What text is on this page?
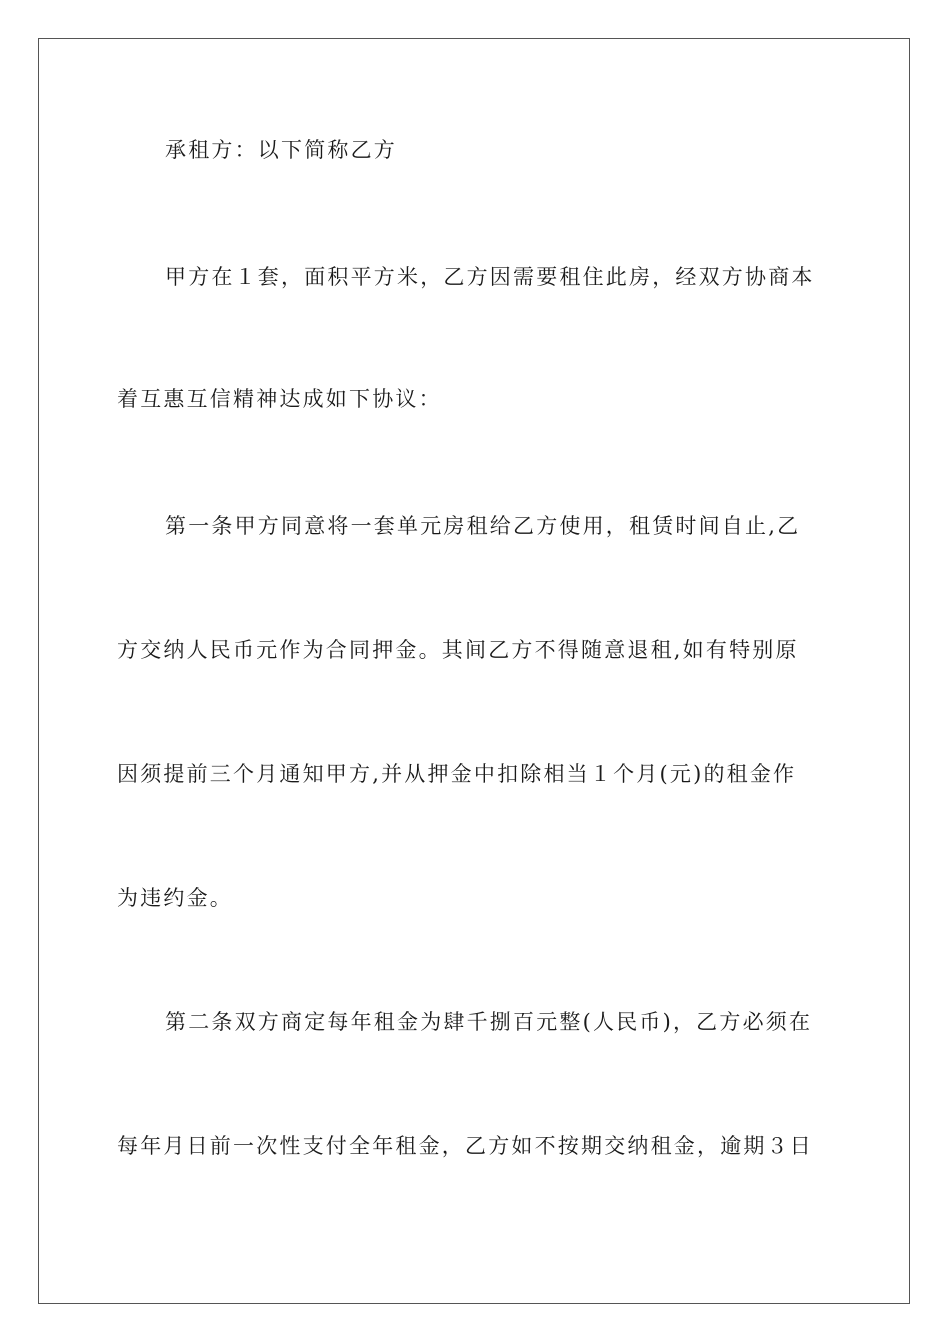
承租方：以下简称乙方
甲方在１套，面积平方米，乙方因需要租住此房，经双方协商本
着互惠互信精神达成如下协议：
第一条甲方同意将一套单元房租给乙方使用，租赁时间自止,乙
方交纳人民币元作为合同押金。其间乙方不得随意退租,如有特别原
因须提前三个月通知甲方,并从押金中扣除相当１个月(元)的租金作
为违约金。
第二条双方商定每年租金为肆千捌百元整(人民币)，乙方必须在
每年月日前一次性支付全年租金，乙方如不按期交纳租金，逾期３日
